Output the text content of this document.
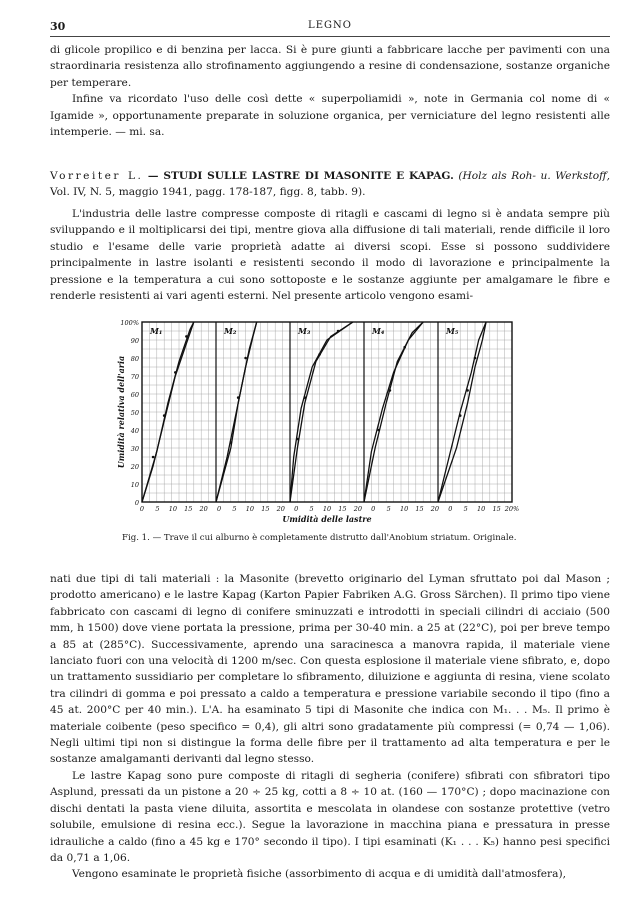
30	LEGNO

di glicole propilico e di benzina per lacca. Si è pure giunti a fabbricare lacche per pavimenti con una straordinaria resistenza allo strofinamento aggiungendo a resine di condensazione, sostanze organiche per temperare.

Infine va ricordato l'uso delle così dette « superpoliamidi », note in Germania col nome di « Igamide », opportunamente preparate in soluzione organica, per verniciature del legno resistenti alle intemperie. — mi. sa.

Vorreiter L. — STUDI SULLE LASTRE DI MASONITE E KAPAG. (Holz als Roh- u. Werkstoff, Vol. IV, N. 5, maggio 1941, pagg. 178-187, figg. 8, tabb. 9).

L'industria delle lastre compresse composte di ritagli e cascami di legno si è andata sempre più sviluppando e il moltiplicarsi dei tipi, mentre giova alla diffusione di tali materiali, rende difficile il loro studio e l'esame delle varie proprietà adatte ai diversi scopi. Esse si possono suddividere principalmente in lastre isolanti e resistenti secondo il modo di lavorazione e principalmente la pressione e la temperatura a cui sono sottoposte e le sostanze aggiunte per amalgamare le fibre e renderle resistenti ai vari agenti esterni. Nel presente articolo vengono esami-

100%
90
80
70
60
50
40
30
20
10
0
0 5 10 15 20 0 5 10 15 20 0 5 10 15 20 0 5 10 15 20 0 5 10 15 20%
Umidità delle lastre
Umidità relativa dell'aria
M₁	M₂	M₃	M₄	M₅
Fig. 1. — Trave il cui alburno è completamente distrutto dall'Anobium striatum. Originale.

nati due tipi di tali materiali : la Masonite (brevetto originario del Lyman sfruttato poi dal Mason ; prodotto americano) e le lastre Kapag (Karton Papier Fabriken A.G. Gross Särchen). Il primo tipo viene fabbricato con cascami di legno di conifere sminuzzati e introdotti in speciali cilindri di acciaio (500 mm, h 1500) dove viene portata la pressione, prima per 30-40 min. a 25 at (22°C), poi per breve tempo a 85 at (285°C). Successivamente, aprendo una saracinesca a manovra rapida, il materiale viene lanciato fuori con una velocità di 1200 m/sec. Con questa esplosione il materiale viene sfibrato, e, dopo un trattamento sussidiario per completare lo sfibramento, diluizione e aggiunta di resina, viene scolato tra cilindri di gomma e poi pressato a caldo a temperatura e pressione variabile secondo il tipo (fino a 45 at. 200°C per 40 min.). L'A. ha esaminato 5 tipi di Masonite che indica con M₁. . . M₅. Il primo è materiale coibente (peso specifico = 0,4), gli altri sono gradatamente più compressi (= 0,74 — 1,06). Negli ultimi tipi non si distingue la forma delle fibre per il trattamento ad alta temperatura e per le sostanze amalgamanti derivanti dal legno stesso.

Le lastre Kapag sono pure composte di ritagli di segheria (conifere) sfibrati con sfibratori tipo Asplund, pressati da un pistone a 20 ÷ 25 kg, cotti a 8 ÷ 10 at. (160 — 170°C) ; dopo macinazione con dischi dentati la pasta viene diluita, assortita e mescolata in olandese con sostanze protettive (vetro solubile, emulsione di resina ecc.). Segue la lavorazione in macchina piana e pressatura in presse idrauliche a caldo (fino a 45 kg e 170° secondo il tipo). I tipi esaminati (K₁ . . . K₅) hanno pesi specifici da 0,71 a 1,06.

Vengono esaminate le proprietà fisiche (assorbimento di acqua e di umidità dall'atmosfera),
